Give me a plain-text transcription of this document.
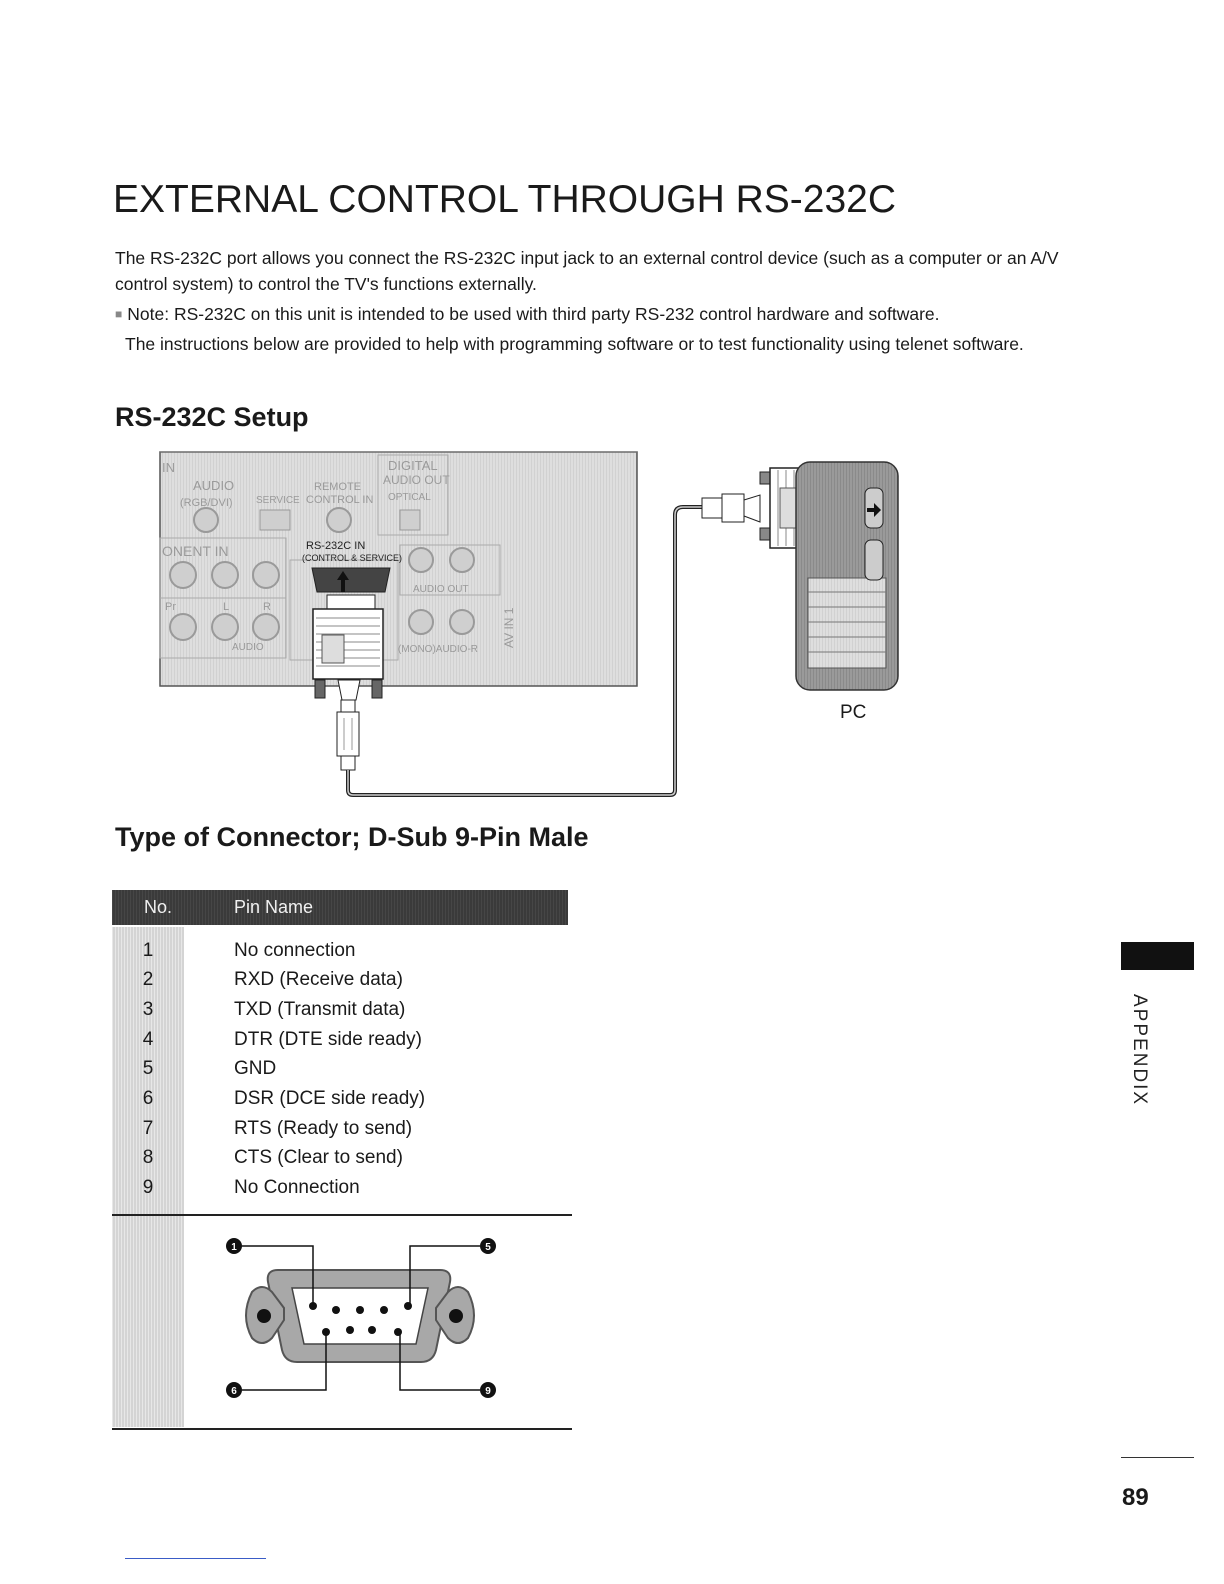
EXTERNAL CONTROL THROUGH RS-232C

The RS-232C port allows you connect the RS-232C input jack to an external control device (such as a computer or an A/V control system) to control the TV's functions externally.

■ Note: RS-232C on this unit is intended to be used with third party RS-232 control hardware and software.

The instructions below are provided to help with programming software or to test functionality using telenet software.

RS-232C Setup
IN
AUDIO
(RGB/DVI)
DIGITAL
AUDIO OUT
REMOTE
SERVICE CONTROL IN OPTICAL
ONENT IN
AUDIO OUT
Pr	L	R
AUDIO	(MONO)AUDIO-R
AV IN 1
RS-232C IN
(CONTROL & SERVICE)
PC
Type of Connector; D-Sub 9-Pin Male
No.	Pin Name
1	No connection
2	RXD (Receive data)
3	TXD (Transmit data)
4	DTR (DTE side ready)
5	GND
6	DSR (DCE side ready)
7	RTS (Ready to send)
8	CTS (Clear to send)
9	No Connection
1	5
6	9
APPENDIX
89
